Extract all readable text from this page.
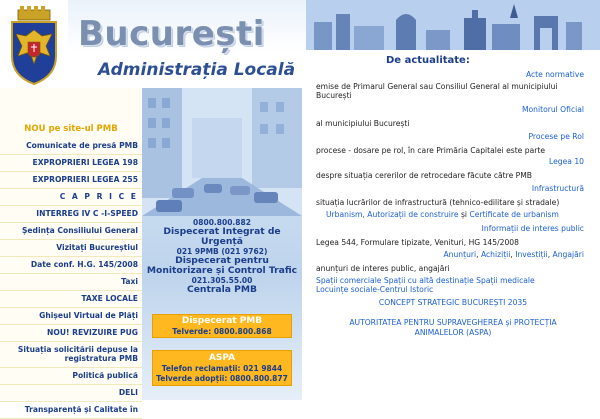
București
Administrația Locală
NOU pe site-ul PMB
Comunicate de presă PMB
EXPROPRIERI LEGEA 198
EXPROPRIERI LEGEA 255
C A P R I C E
INTERREG IV C -I-SPEED
Ședința Consiliului General
Vizitați Bucureștiul
Date conf. H.G. 145/2008
Taxi
TAXE LOCALE
Ghișeul Virtual de Plăți
NOU! REVIZUIRE PUG
Situația solicitării depuse la registratura PMB
Politică publică
DELI
Transparență și Calitate în
0800.800.882
Dispecerat Integrat de Urgență
021 9PMB (021 9762)
Dispecerat pentru Monitorizare și Control Trafic
021.305.55.00
Centrala PMB
Dispecerat PMB
Telverde: 0800.800.868
ASPA
Telefon reclamații: 021 9844
Telverde adopții: 0800.800.877
De actualitate:
Acte normative
emise de Primarul General sau Consiliul General al municipiului
București
Monitorul Oficial
al municipiului București
Procese pe Rol
procese - dosare pe rol, în care Primăria Capitalei este parte
Legea 10
despre situația cererilor de retrocedare făcute către PMB
Infrastructură
situația lucrărilor de infrastructură (tehnico-edilitare și stradale)
Urbanism, Autorizații de construire și Certificate de urbanism
Informații de interes public
Legea 544, Formulare tipizate, Venituri, HG 145/2008
Anunțuri, Achiziții, Investiții, Angajări
anunțuri de interes public, angajări
Spații comerciale Spații cu altă destinație Spații medicale
Locuințe sociale-Centrul Istoric
CONCEPT STRATEGIC BUCUREȘTI 2035
AUTORITATEA PENTRU SUPRAVEGHEREA și PROTECȚIA
ANIMALELOR (ASPA)
